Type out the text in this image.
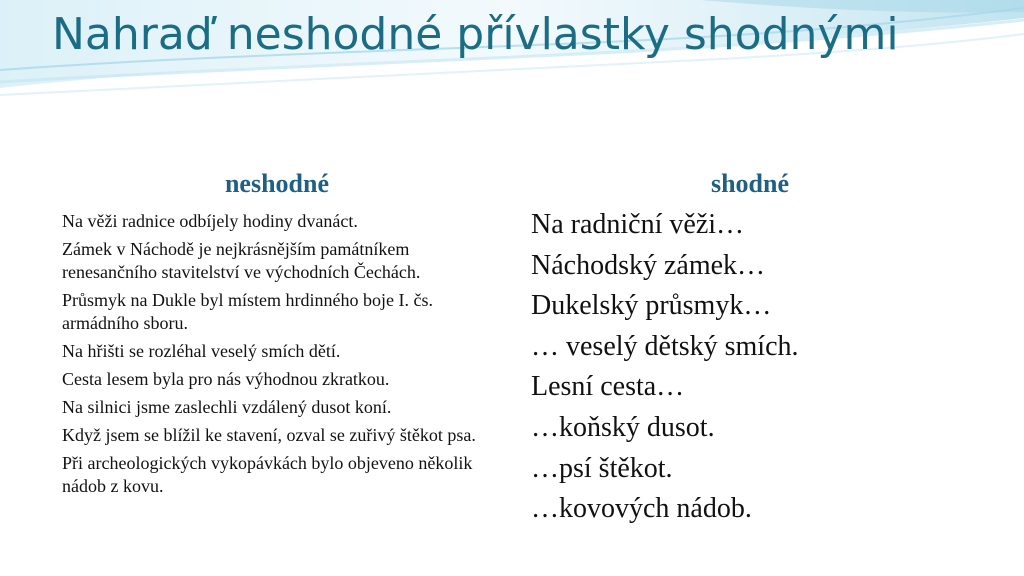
Nahraď neshodné přívlastky shodnými
neshodné	shodné
Na věži radnice odbíjely hodiny dvanáct.
Zámek v Náchodě je nejkrásnějším památníkem renesančního stavitelství ve východních Čechách.
Průsmyk na Dukle byl místem hrdinného boje I. čs. armádního sboru.
Na hřišti se rozléhal veselý smích dětí.
Cesta lesem byla pro nás výhodnou zkratkou.
Na silnici jsme zaslechli vzdálený dusot koní.
Když jsem se blížil ke stavení, ozval se zuřivý štěkot psa.
Při archeologických vykopávkách bylo objeveno několik nádob z kovu.
Na radniční věži…
Náchodský zámek…
Dukelský průsmyk…
… veselý dětský smích.
Lesní cesta…
…koňský dusot.
…psí štěkot.
…kovových nádob.
